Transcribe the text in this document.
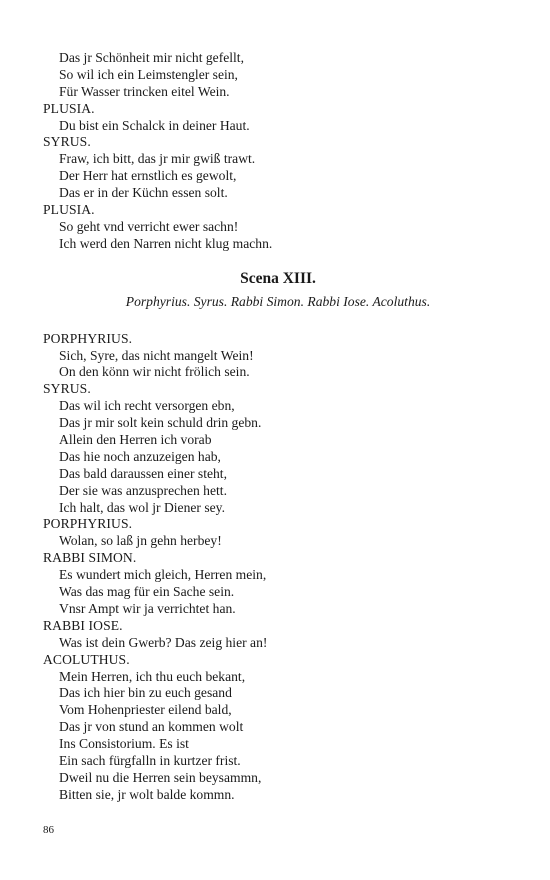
Das jr Schönheit mir nicht gefellt,
So wil ich ein Leimstengler sein,
Für Wasser trincken eitel Wein.
PLUSIA.
Du bist ein Schalck in deiner Haut.
SYRUS.
Fraw, ich bitt, das jr mir gwiß trawt.
Der Herr hat ernstlich es gewolt,
Das er in der Küchn essen solt.
PLUSIA.
So geht vnd verricht ewer sachn!
Ich werd den Narren nicht klug machn.
Scena XIII.
Porphyrius. Syrus. Rabbi Simon. Rabbi Iose. Acoluthus.
PORPHYRIUS.
Sich, Syre, das nicht mangelt Wein!
On den könn wir nicht frölich sein.
SYRUS.
Das wil ich recht versorgen ebn,
Das jr mir solt kein schuld drin gebn.
Allein den Herren ich vorab
Das hie noch anzuzeigen hab,
Das bald daraussen einer steht,
Der sie was anzusprechen hett.
Ich halt, das wol jr Diener sey.
PORPHYRIUS.
Wolan, so laß jn gehn herbey!
RABBI SIMON.
Es wundert mich gleich, Herren mein,
Was das mag für ein Sache sein.
Vnsr Ampt wir ja verrichtet han.
RABBI IOSE.
Was ist dein Gwerb? Das zeig hier an!
ACOLUTHUS.
Mein Herren, ich thu euch bekant,
Das ich hier bin zu euch gesand
Vom Hohenpriester eilend bald,
Das jr von stund an kommen wolt
Ins Consistorium. Es ist
Ein sach fürgfalln in kurtzer frist.
Dweil nu die Herren sein beysammn,
Bitten sie, jr wolt balde kommn.
86
